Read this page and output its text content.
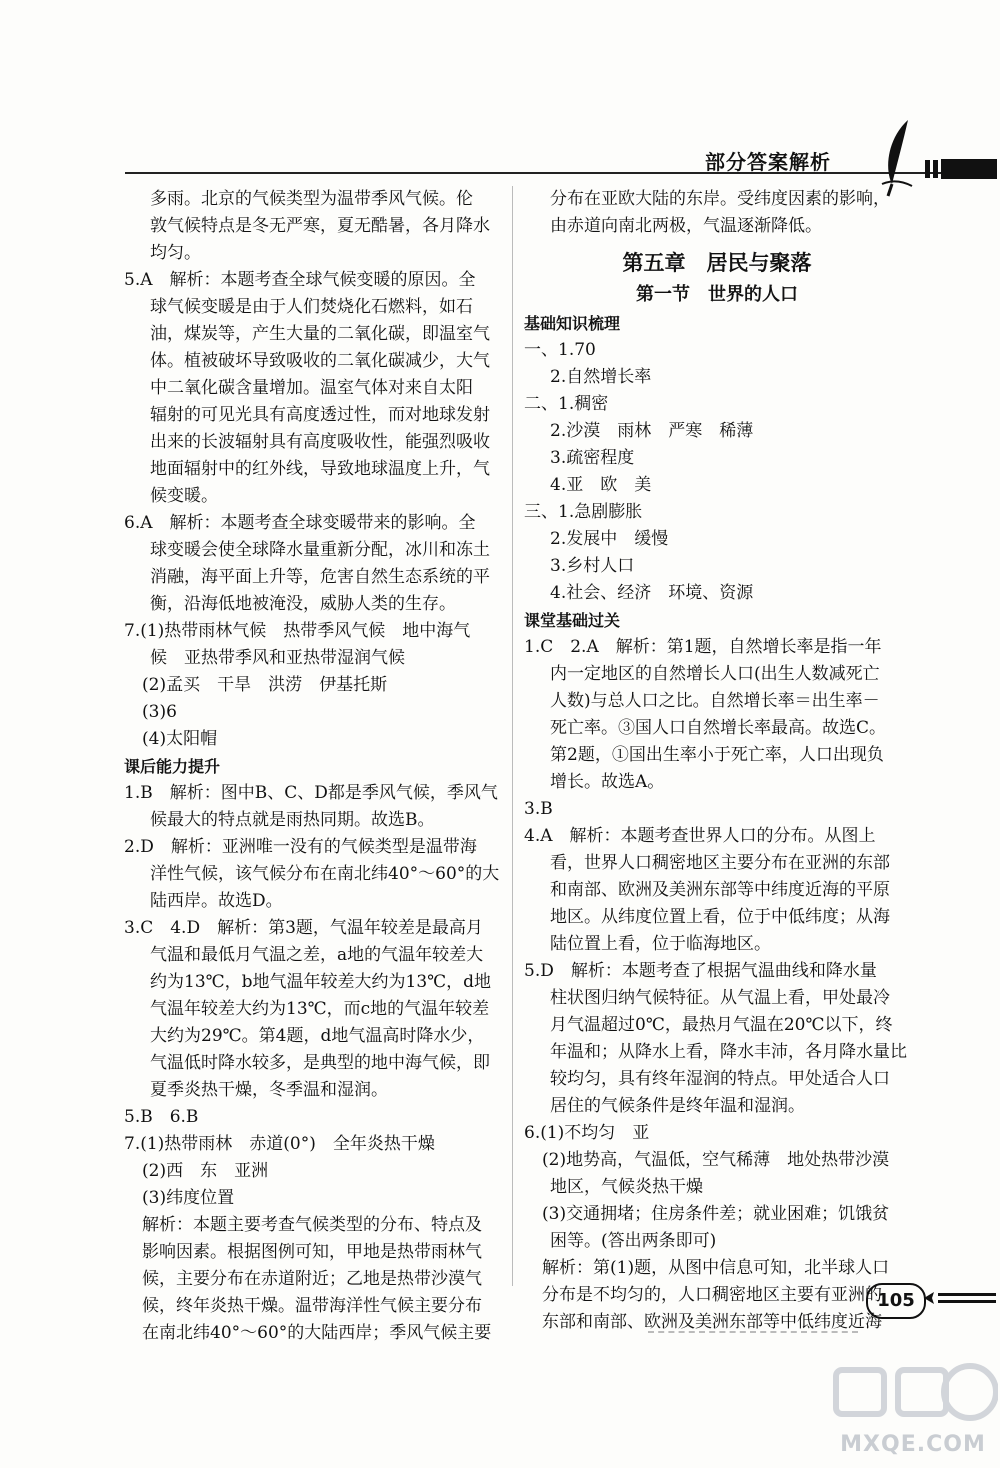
部分答案解析
多雨。北京的气候类型为温带季风气候。伦
敦气候特点是冬无严寒，夏无酷暑，各月降水
均匀。
5.A　解析：本题考查全球气候变暖的原因。全
球气候变暖是由于人们焚烧化石燃料，如石
油，煤炭等，产生大量的二氧化碳，即温室气
体。植被破坏导致吸收的二氧化碳减少，大气
中二氧化碳含量增加。温室气体对来自太阳
辐射的可见光具有高度透过性，而对地球发射
出来的长波辐射具有高度吸收性，能强烈吸收
地面辐射中的红外线，导致地球温度上升，气
候变暖。
6.A　解析：本题考查全球变暖带来的影响。全
球变暖会使全球降水量重新分配，冰川和冻土
消融，海平面上升等，危害自然生态系统的平
衡，沿海低地被淹没，威胁人类的生存。
7.(1)热带雨林气候　热带季风气候　地中海气
候　亚热带季风和亚热带湿润气候
(2)孟买　干旱　洪涝　伊基托斯
(3)6
(4)太阳帽
课后能力提升
1.B　解析：图中B、C、D都是季风气候，季风气
候最大的特点就是雨热同期。故选B。
2.D　解析：亚洲唯一没有的气候类型是温带海
洋性气候，该气候分布在南北纬40°～60°的大
陆西岸。故选D。
3.C　4.D　解析：第3题，气温年较差是最高月
气温和最低月气温之差，a地的气温年较差大
约为13℃，b地气温年较差大约为13℃，d地
气温年较差大约为13℃，而c地的气温年较差
大约为29℃。第4题，d地气温高时降水少，
气温低时降水较多，是典型的地中海气候，即
夏季炎热干燥，冬季温和湿润。
5.B　6.B
7.(1)热带雨林　赤道(0°)　全年炎热干燥
(2)西　东　亚洲
(3)纬度位置
解析：本题主要考查气候类型的分布、特点及
影响因素。根据图例可知，甲地是热带雨林气
候，主要分布在赤道附近；乙地是热带沙漠气
候，终年炎热干燥。温带海洋性气候主要分布
在南北纬40°～60°的大陆西岸；季风气候主要
分布在亚欧大陆的东岸。受纬度因素的影响，
由赤道向南北两极，气温逐渐降低。
第五章　居民与聚落
第一节　世界的人口
基础知识梳理
一、1.70
2.自然增长率
二、1.稠密
2.沙漠　雨林　严寒　稀薄
3.疏密程度
4.亚　欧　美
三、1.急剧膨胀
2.发展中　缓慢
3.乡村人口
4.社会、经济　环境、资源
课堂基础过关
1.C　2.A　解析：第1题，自然增长率是指一年
内一定地区的自然增长人口(出生人数减死亡
人数)与总人口之比。自然增长率＝出生率－
死亡率。③国人口自然增长率最高。故选C。
第2题，①国出生率小于死亡率，人口出现负
增长。故选A。
3.B
4.A　解析：本题考查世界人口的分布。从图上
看，世界人口稠密地区主要分布在亚洲的东部
和南部、欧洲及美洲东部等中纬度近海的平原
地区。从纬度位置上看，位于中低纬度；从海
陆位置上看，位于临海地区。
5.D　解析：本题考查了根据气温曲线和降水量
柱状图归纳气候特征。从气温上看，甲处最冷
月气温超过0℃，最热月气温在20℃以下，终
年温和；从降水上看，降水丰沛，各月降水量比
较均匀，具有终年湿润的特点。甲处适合人口
居住的气候条件是终年温和湿润。
6.(1)不均匀　亚
(2)地势高，气温低，空气稀薄　地处热带沙漠
地区，气候炎热干燥
(3)交通拥堵；住房条件差；就业困难；饥饿贫
困等。(答出两条即可)
解析：第(1)题，从图中信息可知，北半球人口
分布是不均匀的，人口稠密地区主要有亚洲的
东部和南部、欧洲及美洲东部等中低纬度近海
105
MXQE.COM
